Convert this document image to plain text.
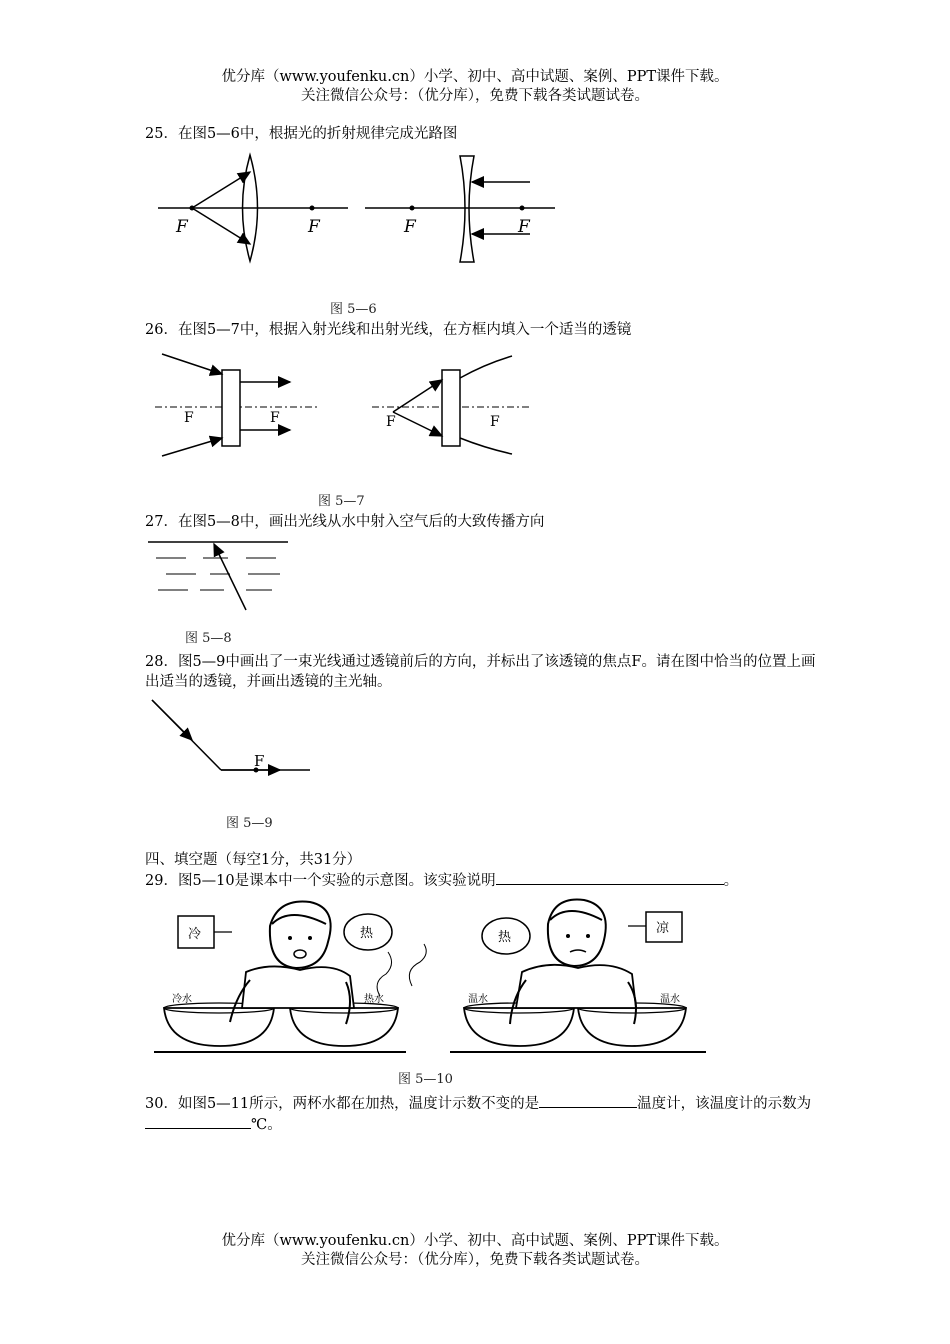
优分库（www.youfenku.cn）小学、初中、高中试题、案例、PPT课件下载。
关注微信公众号：（优分库），免费下载各类试题试卷。
25．在图5—6中，根据光的折射规律完成光路图
F	F	F	F
图 5—6
26．在图5—7中，根据入射光线和出射光线，在方框内填入一个适当的透镜
F	F	F	F
图 5—7
27．在图5—8中，画出光线从水中射入空气后的大致传播方向
图 5—8
28．图5—9中画出了一束光线通过透镜前后的方向，并标出了该透镜的焦点F。请在图中恰当的位置上画出适当的透镜，并画出透镜的主光轴。
F
图 5—9
四、填空题（每空1分，共31分）
29．图5—10是课本中一个实验的示意图。该实验说明	。
冷	热
冷水	热水
热
凉
温水	温水
图 5—10
30．如图5—11所示，两杯水都在加热，温度计示数不变的是	温度计，该温度计的示数为℃。
优分库（www.youfenku.cn）小学、初中、高中试题、案例、PPT课件下载。
关注微信公众号：（优分库），免费下载各类试题试卷。
